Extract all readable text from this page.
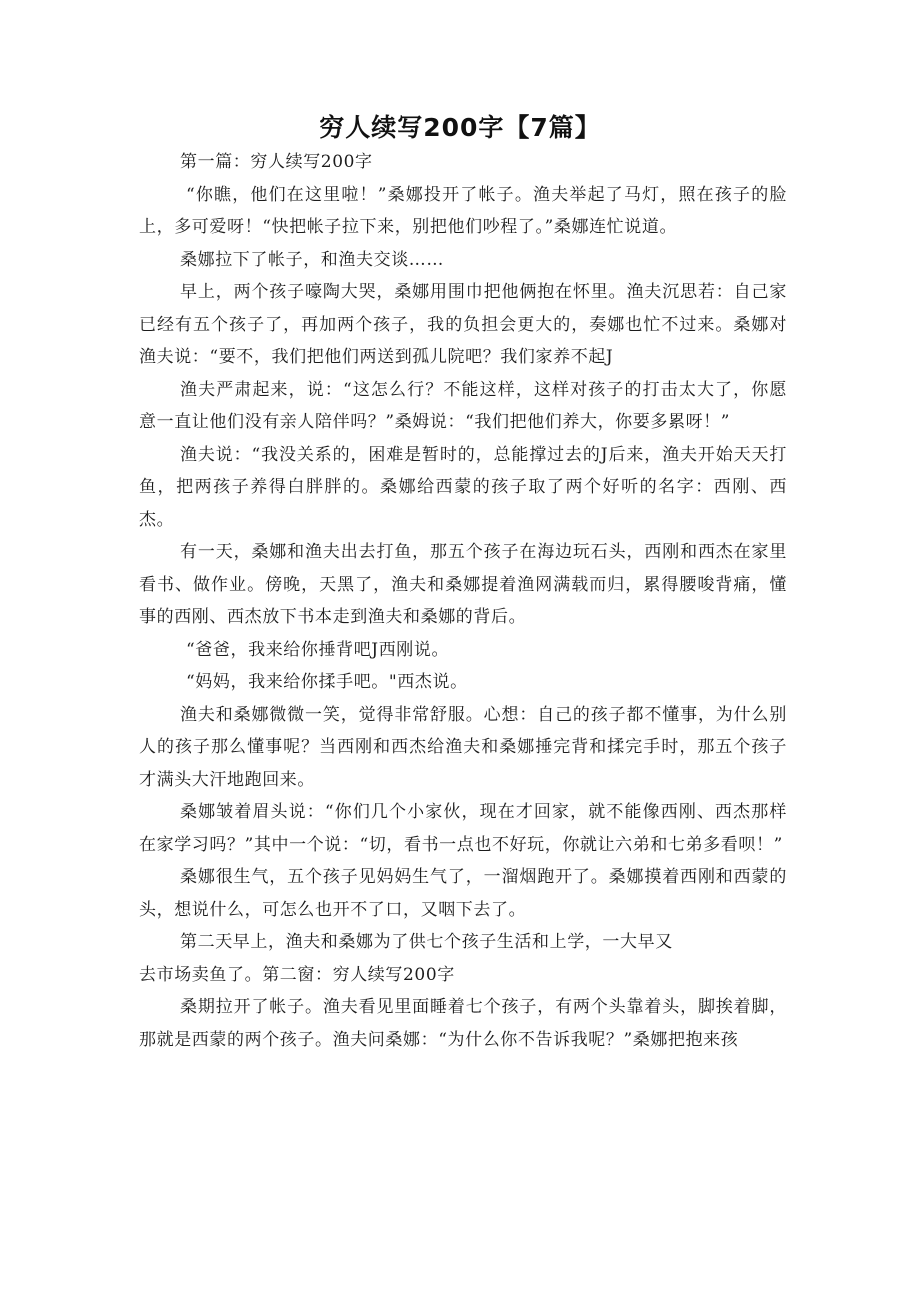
穷人续写200字【7篇】

第一篇：穷人续写200字

“你瞧，他们在这里啦！”桑娜投开了帐子。渔夫举起了马灯，照在孩子的脸上，多可爱呀！“快把帐子拉下来，别把他们吵程了。”桑娜连忙说道。

桑娜拉下了帐子，和渔夫交谈……

早上，两个孩子嚎陶大哭，桑娜用围巾把他俩抱在怀里。渔夫沉思若：自己家已经有五个孩子了，再加两个孩子，我的负担会更大的，奏娜也忙不过来。桑娜对渔夫说：“要不，我们把他们两送到孤儿院吧？我们家养不起J

渔夫严肃起来，说：“这怎么行？不能这样，这样对孩子的打击太大了，你愿意一直让他们没有亲人陪伴吗？”桑姆说：“我们把他们养大，你要多累呀！”

渔夫说：“我没关系的，困难是暂时的，总能撑过去的J后来，渔夫开始天天打鱼，把两孩子养得白胖胖的。桑娜给西蒙的孩子取了两个好听的名字：西刚、西杰。

有一天，桑娜和渔夫出去打鱼，那五个孩子在海边玩石头，西刚和西杰在家里看书、做作业。傍晚，天黑了，渔夫和桑娜提着渔网满载而归，累得腰唆背痛，懂事的西刚、西杰放下书本走到渔夫和桑娜的背后。

“爸爸，我来给你捶背吧J西刚说。

“妈妈，我来给你揉手吧。"西杰说。

渔夫和桑娜微微一笑，觉得非常舒服。心想：自己的孩子都不懂事，为什么别人的孩子那么懂事呢？当西刚和西杰给渔夫和桑娜捶完背和揉完手时，那五个孩子才满头大汗地跑回来。

桑娜皱着眉头说：“你们几个小家伙，现在才回家，就不能像西刚、西杰那样在家学习吗？”其中一个说：“切，看书一点也不好玩，你就让六弟和七弟多看呗！”

桑娜很生气，五个孩子见妈妈生气了，一溜烟跑开了。桑娜摸着西刚和西蒙的头，想说什么，可怎么也开不了口，又咽下去了。

第二天早上，渔夫和桑娜为了供七个孩子生活和上学，一大早又

去市场卖鱼了。第二窗：穷人续写200字

桑期拉开了帐子。渔夫看见里面睡着七个孩子，有两个头靠着头，脚挨着脚，那就是西蒙的两个孩子。渔夫问桑娜：“为什么你不告诉我呢？”桑娜把抱来孩
